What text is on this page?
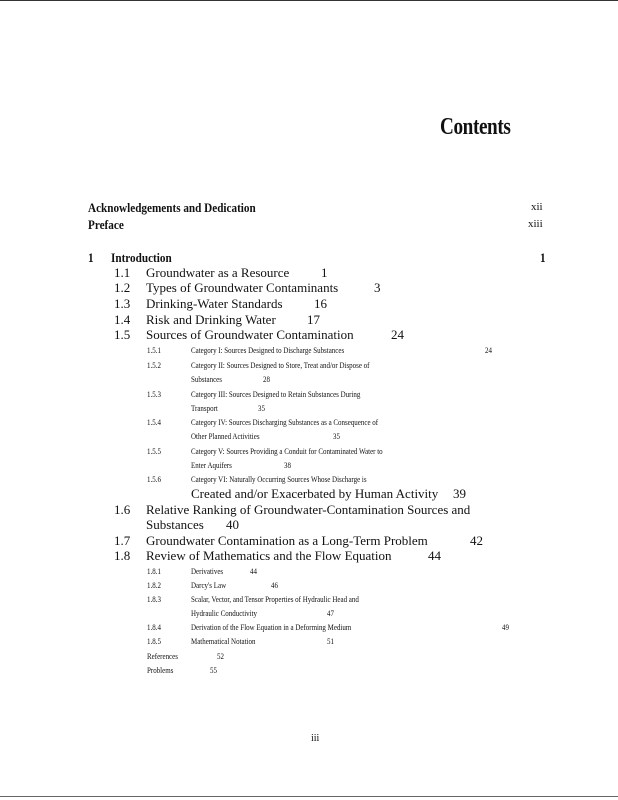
Contents
Acknowledgements and Dedication	xii
Preface	xiii
1 Introduction	1
1.1 Groundwater as a Resource 1
1.2 Types of Groundwater Contaminants	3
1.3 Drinking-Water Standards 16
1.4 Risk and Drinking Water 17
1.5 Sources of Groundwater Contamination	24
1.5.1	Category I: Sources Designed to Discharge Substances	24
1.5.2	Category II: Sources Designed to Store, Treat and/or Dispose of
Substances	28
1.5.3	Category III: Sources Designed to Retain Substances During
Transport	35
1.5.4	Category IV: Sources Discharging Substances as a Consequence of
Other Planned Activities	35
1.5.5	Category V: Sources Providing a Conduit for Contaminated Water to
Enter Aquifers	38
1.5.6	Category VI: Naturally Occurring Sources Whose Discharge is
Created and/or Exacerbated by Human Activity 39
1.6 Relative Ranking of Groundwater-Contamination Sources and
Substances 40
1.7 Groundwater Contamination as a Long-Term Problem	42
1.8 Review of Mathematics and the Flow Equation	44
1.8.1	Derivatives	44
1.8.2	Darcy's Law	46
1.8.3	Scalar, Vector, and Tensor Properties of Hydraulic Head and
Hydraulic Conductivity	47
1.8.4	Derivation of the Flow Equation in a Deforming Medium	49
1.8.5	Mathematical Notation	51
References	52
Problems	55
iii
